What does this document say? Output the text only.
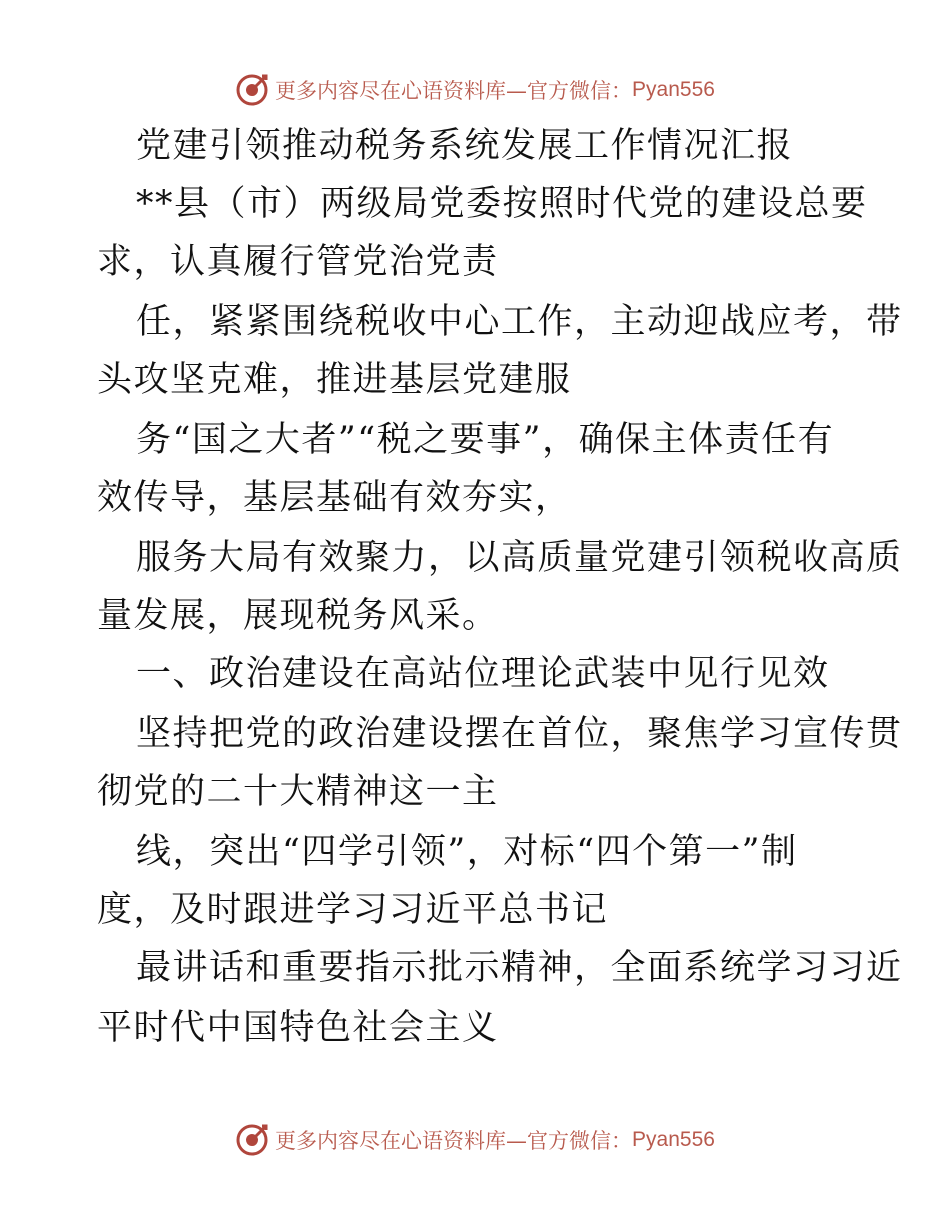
更多内容尽在心语资料库—官方微信： Pyan556
党建引领推动税务系统发展工作情况汇报
**县（市）两级局党委按照时代党的建设总要
求，认真履行管党治党责
任，紧紧围绕税收中心工作，主动迎战应考，带
头攻坚克难，推进基层党建服
务“国之大者”“税之要事”，确保主体责任有
效传导，基层基础有效夯实，
服务大局有效聚力，以高质量党建引领税收高质
量发展，展现税务风采。
一、政治建设在高站位理论武装中见行见效
坚持把党的政治建设摆在首位，聚焦学习宣传贯
彻党的二十大精神这一主
线，突出“四学引领”，对标“四个第一”制
度，及时跟进学习习近平总书记
最讲话和重要指示批示精神，全面系统学习习近
平时代中国特色社会主义
更多内容尽在心语资料库—官方微信： Pyan556
